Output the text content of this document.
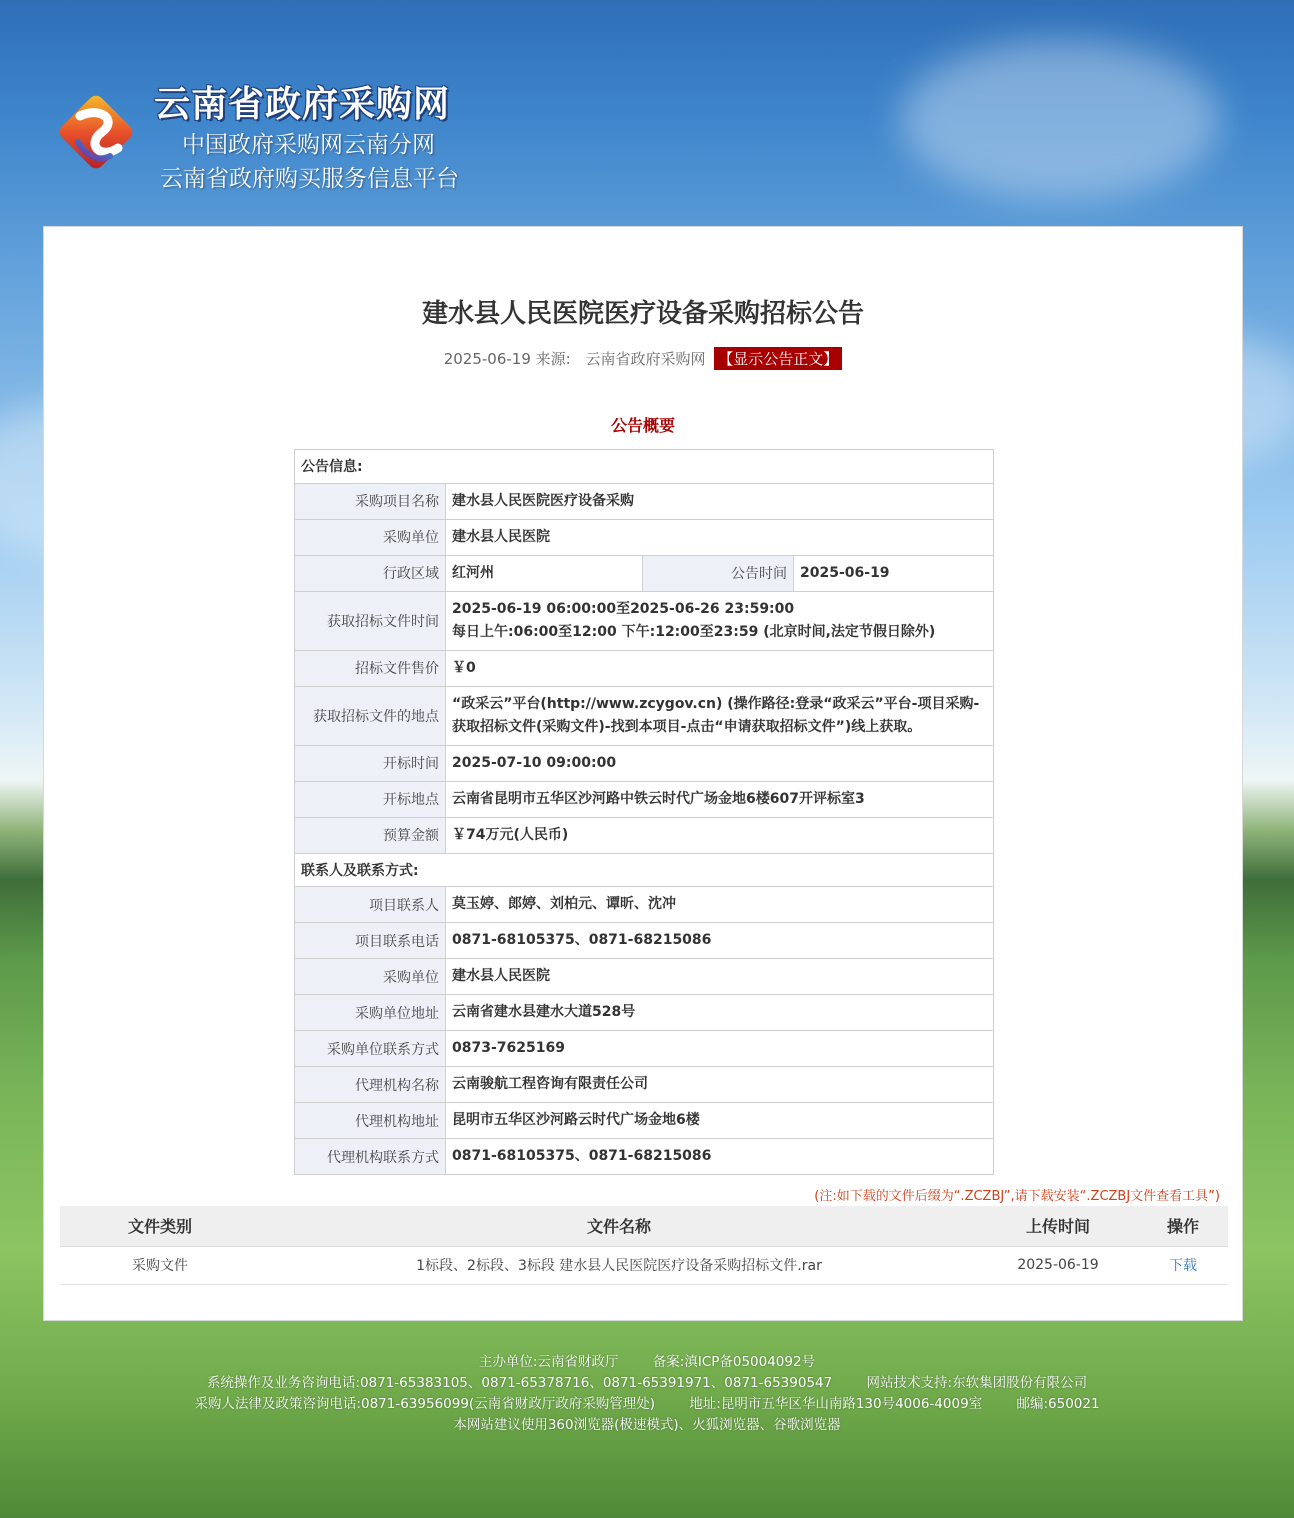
云南省政府采购网
中国政府采购网云南分网
云南省政府购买服务信息平台
建水县人民医院医疗设备采购招标公告
2025-06-19 来源: 云南省政府采购网 【显示公告正文】
公告概要
公告信息:			
采购项目名称	建水县人民医院医疗设备采购		
采购单位	建水县人民医院		
行政区域	红河州	公告时间	2025-06-19
获取招标文件时间	2025-06-19 06:00:00至2025-06-26 23:59:00
每日上午:06:00至12:00 下午:12:00至23:59 (北京时间,法定节假日除外)		

招标文件售价	￥0		
获取招标文件的地点	“政采云”平台(http://www.zcygov.cn) (操作路径:登录“政采云”平台-项目采购-获取招标文件(采购文件)-找到本项目-点击“申请获取招标文件”)线上获取。		
开标时间	2025-07-10 09:00:00		
开标地点	云南省昆明市五华区沙河路中铁云时代广场金地6楼607开评标室3		
预算金额	￥74万元(人民币)		
联系人及联系方式:			
项目联系人	莫玉婷、郎婷、刘柏元、谭昕、沈冲		
项目联系电话	0871-68105375、0871-68215086		
采购单位	建水县人民医院		
采购单位地址	云南省建水县建水大道528号		
采购单位联系方式	0873-7625169		
代理机构名称	云南骏航工程咨询有限责任公司		
代理机构地址	昆明市五华区沙河路云时代广场金地6楼		
代理机构联系方式	0871-68105375、0871-68215086		
(注:如下载的文件后缀为“.ZCZBJ”,请下载安装“.ZCZBJ文件查看工具”)
文件类别	文件名称	上传时间	操作
采购文件	1标段、2标段、3标段 建水县人民医院医疗设备采购招标文件.rar	2025-06-19	下载
主办单位:云南省财政厅	备案:滇ICP备05004092号
系统操作及业务咨询电话:0871-65383105、0871-65378716、0871-65391971、0871-65390547	网站技术支持:东软集团股份有限公司
采购人法律及政策咨询电话:0871-63956099(云南省财政厅政府采购管理处)	地址:昆明市五华区华山南路130号4006-4009室	邮编:650021
本网站建议使用360浏览器(极速模式)、火狐浏览器、谷歌浏览器
